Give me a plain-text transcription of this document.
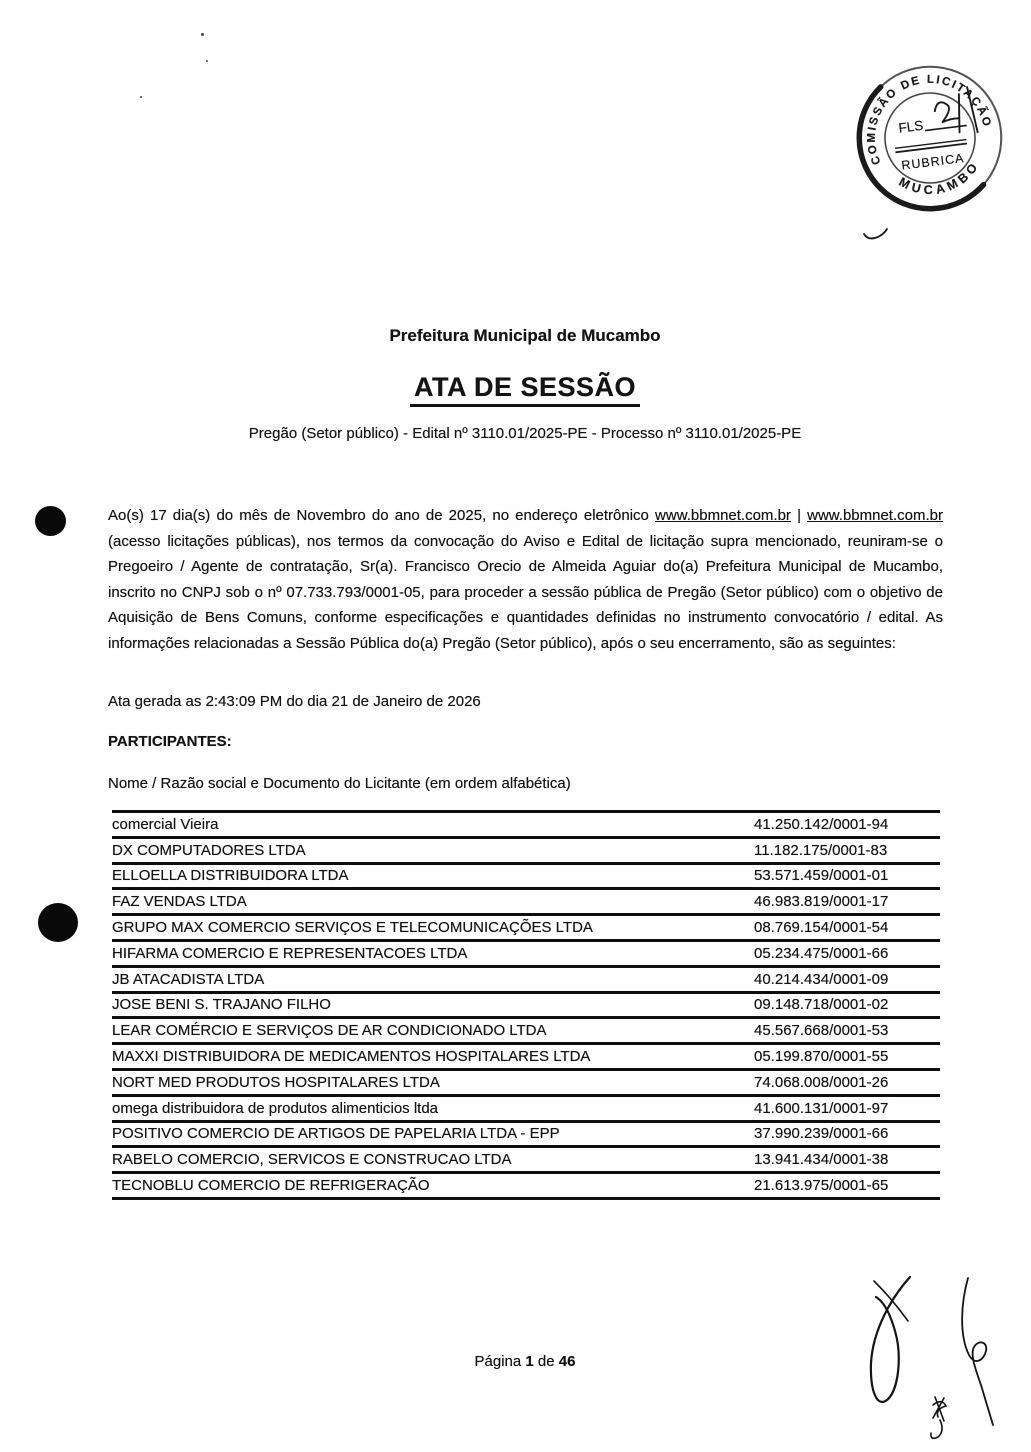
COMISSÃO DE LICITAÇÃO
MUCAMBO
FLS
RUBRICA
Prefeitura Municipal de Mucambo
ATA DE SESSÃO
Pregão (Setor público) - Edital nº 3110.01/2025-PE - Processo nº 3110.01/2025-PE

Ao(s) 17 dia(s) do mês de Novembro do ano de 2025, no endereço eletrônico www.bbmnet.com.br | www.bbmnet.com.br (acesso licitações públicas), nos termos da convocação do Aviso e Edital de licitação supra mencionado, reuniram-se o Pregoeiro / Agente de contratação, Sr(a). Francisco Orecio de Almeida Aguiar do(a) Prefeitura Municipal de Mucambo, inscrito no CNPJ sob o nº 07.733.793/0001-05, para proceder a sessão pública de Pregão (Setor público) com o objetivo de Aquisição de Bens Comuns, conforme especificações e quantidades definidas no instrumento convocatório / edital. As informações relacionadas a Sessão Pública do(a) Pregão (Setor público), após o seu encerramento, são as seguintes:

Ata gerada as 2:43:09 PM do dia 21 de Janeiro de 2026

PARTICIPANTES:

Nome / Razão social e Documento do Licitante (em ordem alfabética)

comercial Vieira	41.250.142/0001-94
DX COMPUTADORES LTDA	11.182.175/0001-83
ELLOELLA DISTRIBUIDORA LTDA	53.571.459/0001-01
FAZ VENDAS LTDA	46.983.819/0001-17
GRUPO MAX COMERCIO SERVIÇOS E TELECOMUNICAÇÕES LTDA	08.769.154/0001-54
HIFARMA COMERCIO E REPRESENTACOES LTDA	05.234.475/0001-66
JB ATACADISTA LTDA	40.214.434/0001-09
JOSE BENI S. TRAJANO FILHO	09.148.718/0001-02
LEAR COMÉRCIO E SERVIÇOS DE AR CONDICIONADO LTDA	45.567.668/0001-53
MAXXI DISTRIBUIDORA DE MEDICAMENTOS HOSPITALARES LTDA	05.199.870/0001-55
NORT MED PRODUTOS HOSPITALARES LTDA	74.068.008/0001-26
omega distribuidora de produtos alimenticios ltda	41.600.131/0001-97
POSITIVO COMERCIO DE ARTIGOS DE PAPELARIA LTDA - EPP	37.990.239/0001-66
RABELO COMERCIO, SERVICOS E CONSTRUCAO LTDA	13.941.434/0001-38
TECNOBLU COMERCIO DE REFRIGERAÇÃO	21.613.975/0001-65
Página 1 de 46
